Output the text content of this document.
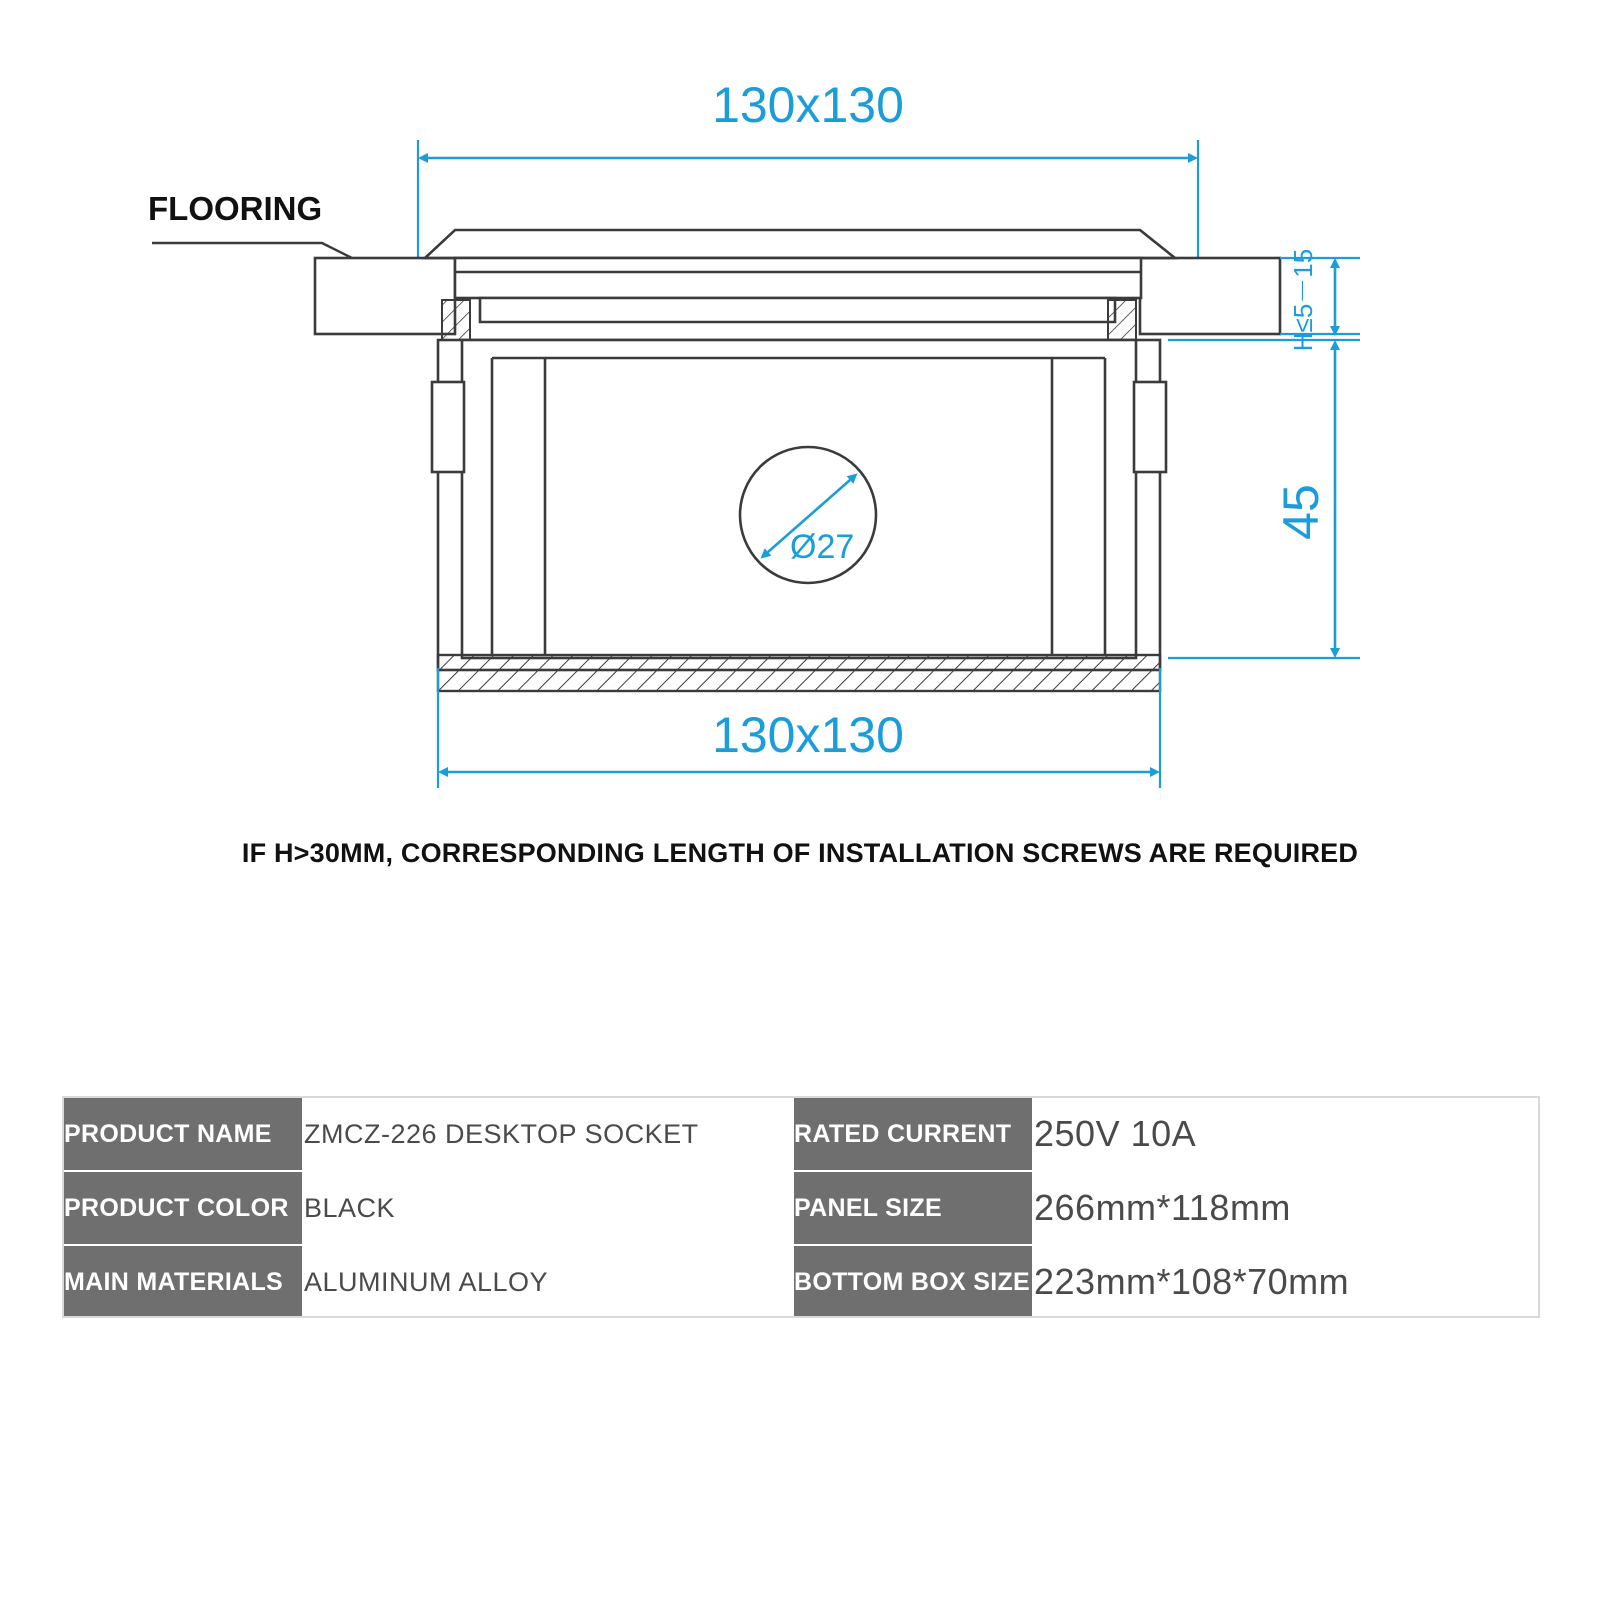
130x130
FLOORING
Ø27
H≤5－15
45
130x130
IF H>30MM, CORRESPONDING LENGTH OF INSTALLATION SCREWS ARE REQUIRED
PRODUCT NAME	ZMCZ-226 DESKTOP SOCKET	RATED CURRENT	250V 10A
PRODUCT COLOR	BLACK	PANEL SIZE	266mm*118mm
MAIN MATERIALS	ALUMINUM ALLOY	BOTTOM BOX SIZE	223mm*108*70mm
